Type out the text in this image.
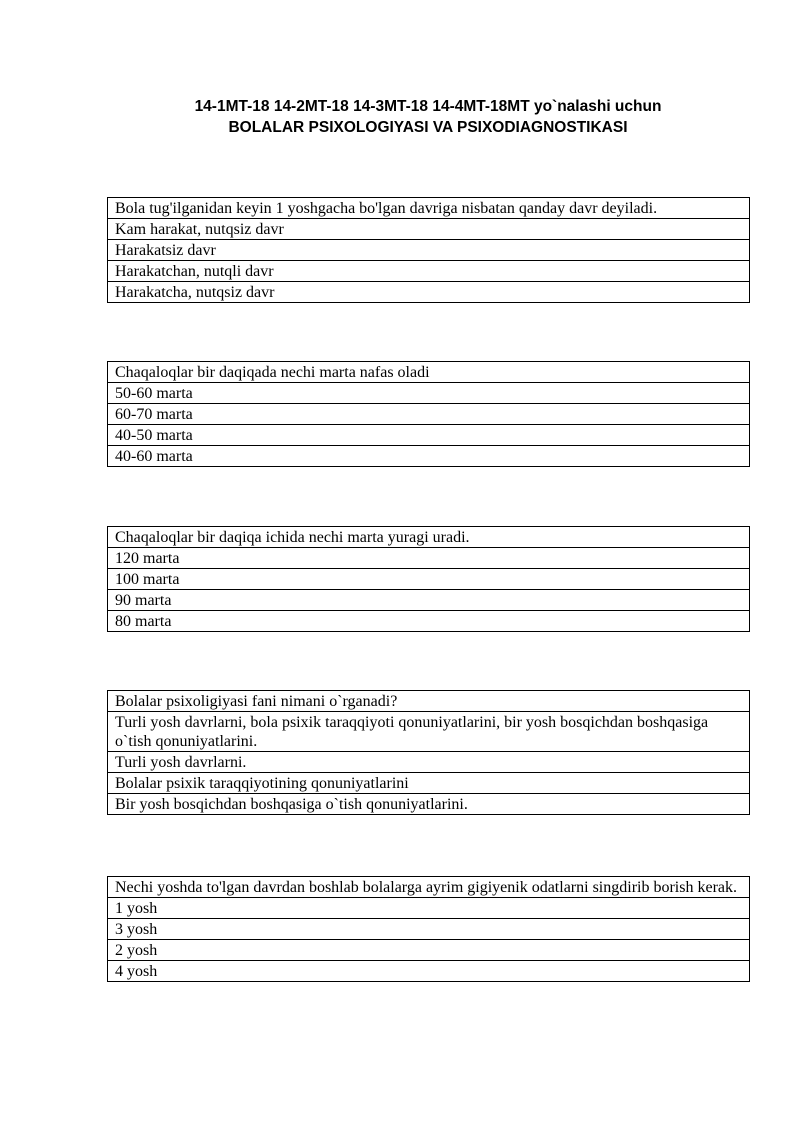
14-1MT-18 14-2MT-18 14-3MT-18 14-4MT-18MT yo`nalashi uchun
BOLALAR PSIXOLOGIYASI VA PSIXODIAGNOSTIKASI
Bola tug'ilganidan keyin 1 yoshgacha bo'lgan davriga nisbatan qanday davr deyiladi.
Kam harakat, nutqsiz davr
Harakatsiz davr
Harakatchan, nutqli davr
Harakatcha, nutqsiz davr
Chaqaloqlar bir daqiqada nechi marta nafas oladi
50-60 marta
60-70 marta
40-50 marta
40-60 marta
Chaqaloqlar bir daqiqa ichida nechi marta yuragi uradi.
120 marta
100 marta
90 marta
80 marta
Bolalar psixoligiyasi fani nimani o`rganadi?
Turli yosh davrlarni, bola psixik taraqqiyoti qonuniyatlarini, bir yosh bosqichdan boshqasiga o`tish qonuniyatlarini.
Turli yosh davrlarni.
Bolalar psixik taraqqiyotining qonuniyatlarini
Bir yosh bosqichdan boshqasiga o`tish qonuniyatlarini.
Nechi yoshda to'lgan davrdan boshlab bolalarga ayrim gigiyenik odatlarni singdirib borish kerak.
1 yosh
3 yosh
2 yosh
4 yosh
